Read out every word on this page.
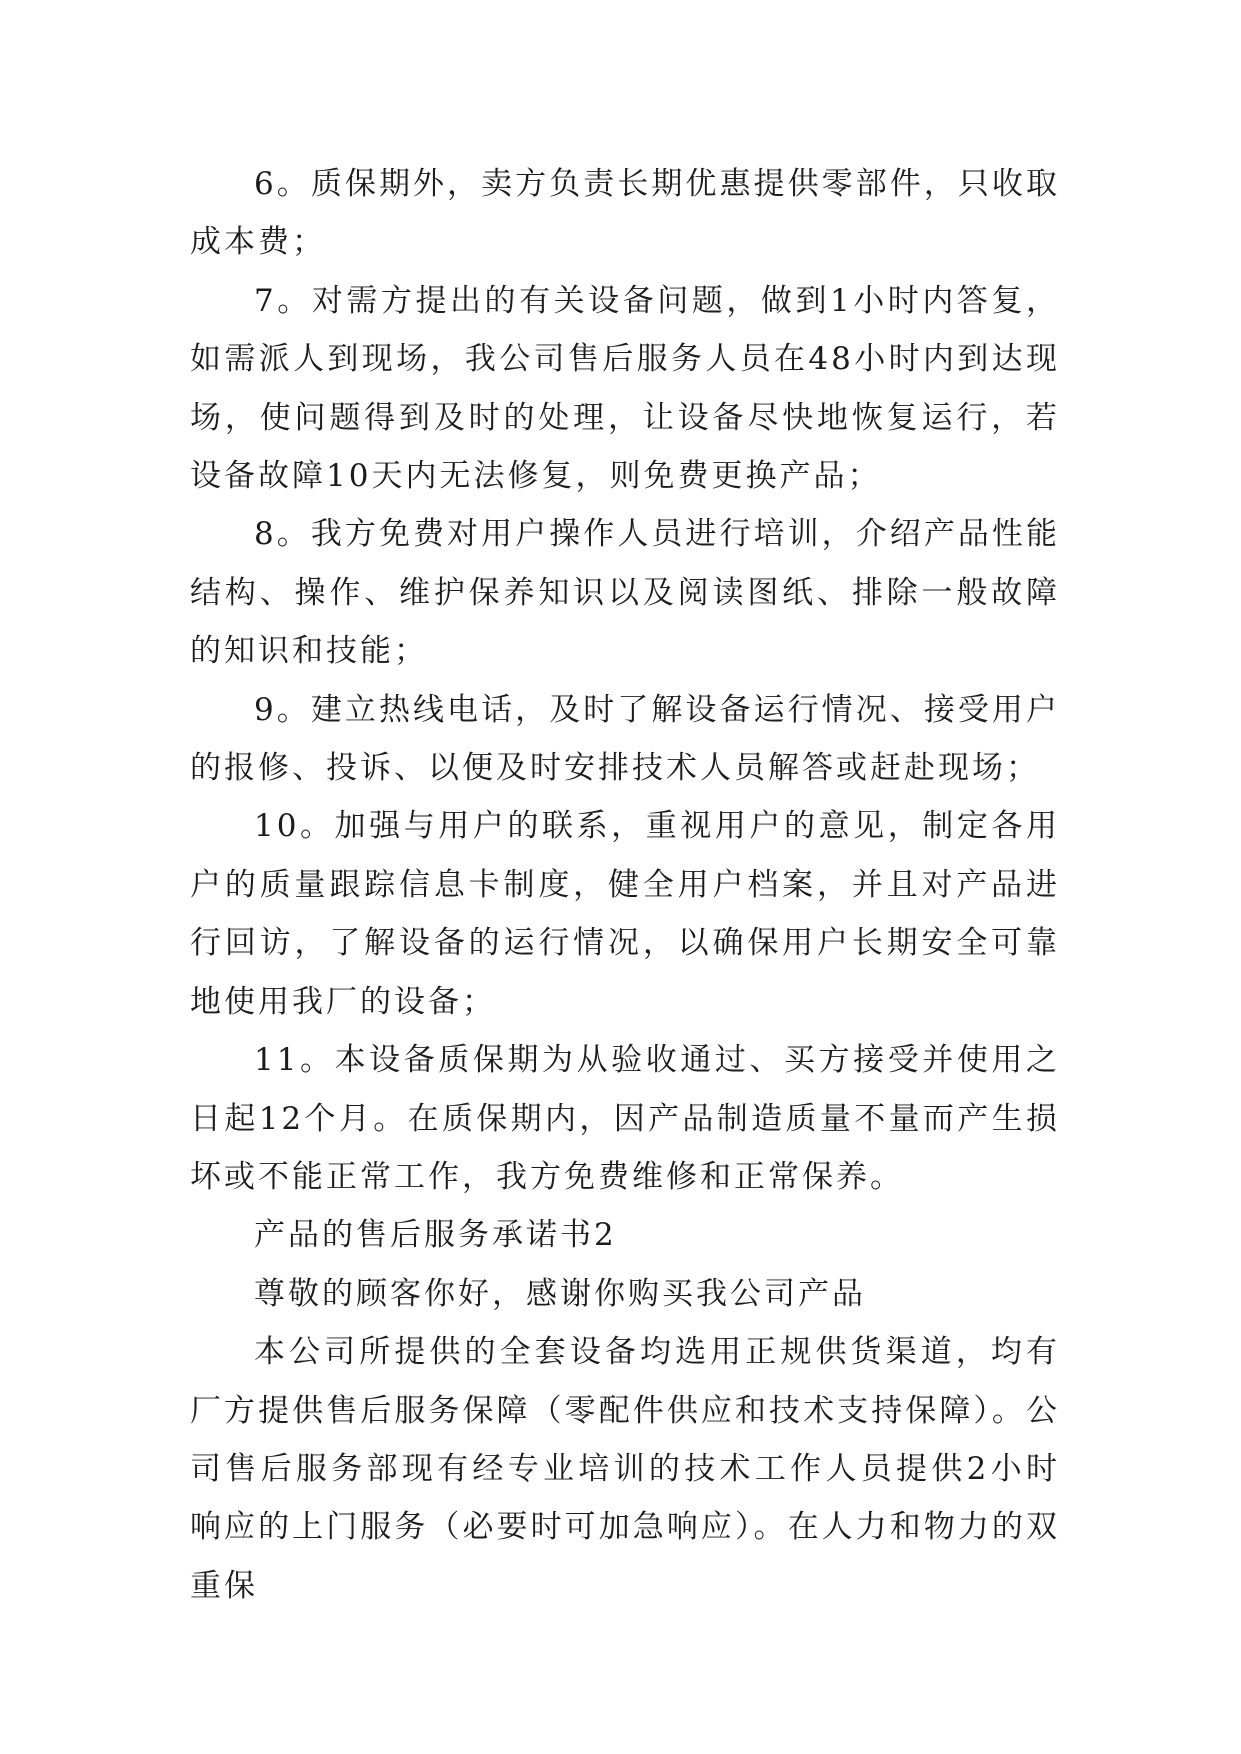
6。质保期外，卖方负责长期优惠提供零部件，只收取成本费；

7。对需方提出的有关设备问题，做到1小时内答复，如需派人到现场，我公司售后服务人员在48小时内到达现场，使问题得到及时的处理，让设备尽快地恢复运行，若设备故障10天内无法修复，则免费更换产品；

8。我方免费对用户操作人员进行培训，介绍产品性能结构、操作、维护保养知识以及阅读图纸、排除一般故障的知识和技能；

9。建立热线电话，及时了解设备运行情况、接受用户的报修、投诉、以便及时安排技术人员解答或赶赴现场；

10。加强与用户的联系，重视用户的意见，制定各用户的质量跟踪信息卡制度，健全用户档案，并且对产品进行回访，了解设备的运行情况，以确保用户长期安全可靠地使用我厂的设备；

11。本设备质保期为从验收通过、买方接受并使用之日起12个月。在质保期内，因产品制造质量不量而产生损坏或不能正常工作，我方免费维修和正常保养。

产品的售后服务承诺书2

尊敬的顾客你好，感谢你购买我公司产品

本公司所提供的全套设备均选用正规供货渠道，均有厂方提供售后服务保障（零配件供应和技术支持保障）。公司售后服务部现有经专业培训的技术工作人员提供2小时响应的上门服务（必要时可加急响应）。在人力和物力的双重保
